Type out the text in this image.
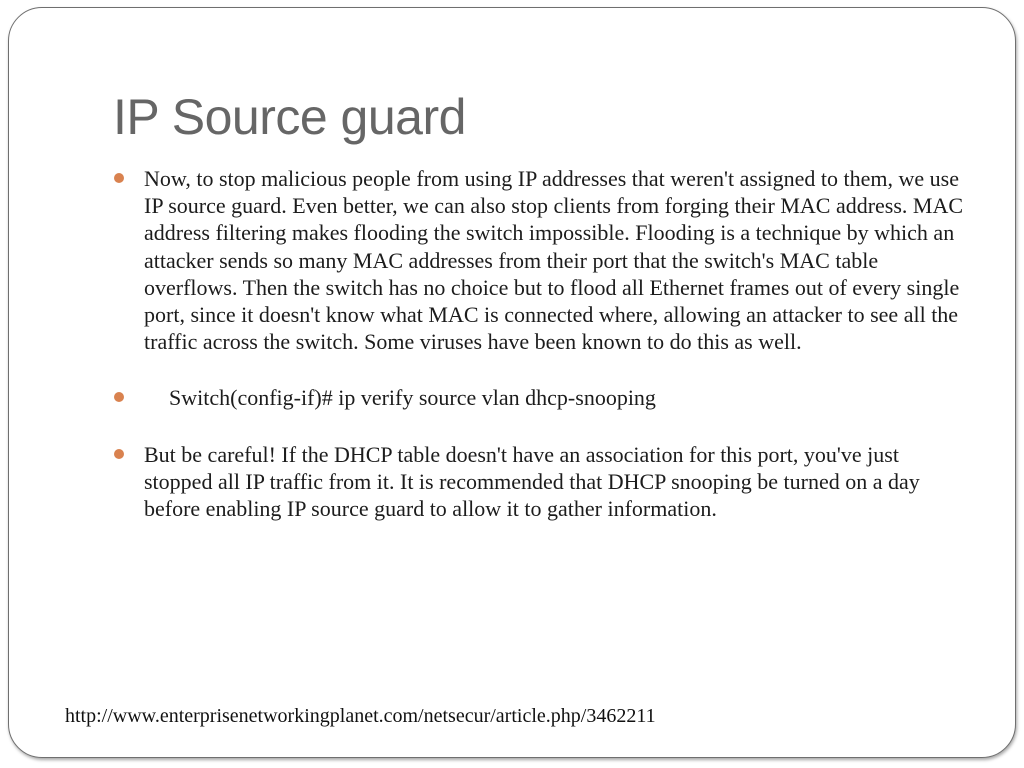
IP Source guard
Now, to stop malicious people from using IP addresses that weren't assigned to them, we use IP source guard. Even better, we can also stop clients from forging their MAC address. MAC address filtering makes flooding the switch impossible. Flooding is a technique by which an attacker sends so many MAC addresses from their port that the switch's MAC table overflows. Then the switch has no choice but to flood all Ethernet frames out of every single port, since it doesn't know what MAC is connected where, allowing an attacker to see all the traffic across the switch. Some viruses have been known to do this as well.
Switch(config-if)# ip verify source vlan dhcp-snooping
But be careful! If the DHCP table doesn't have an association for this port, you've just stopped all IP traffic from it. It is recommended that DHCP snooping be turned on a day before enabling IP source guard to allow it to gather information.
http://www.enterprisenetworkingplanet.com/netsecur/article.php/3462211
